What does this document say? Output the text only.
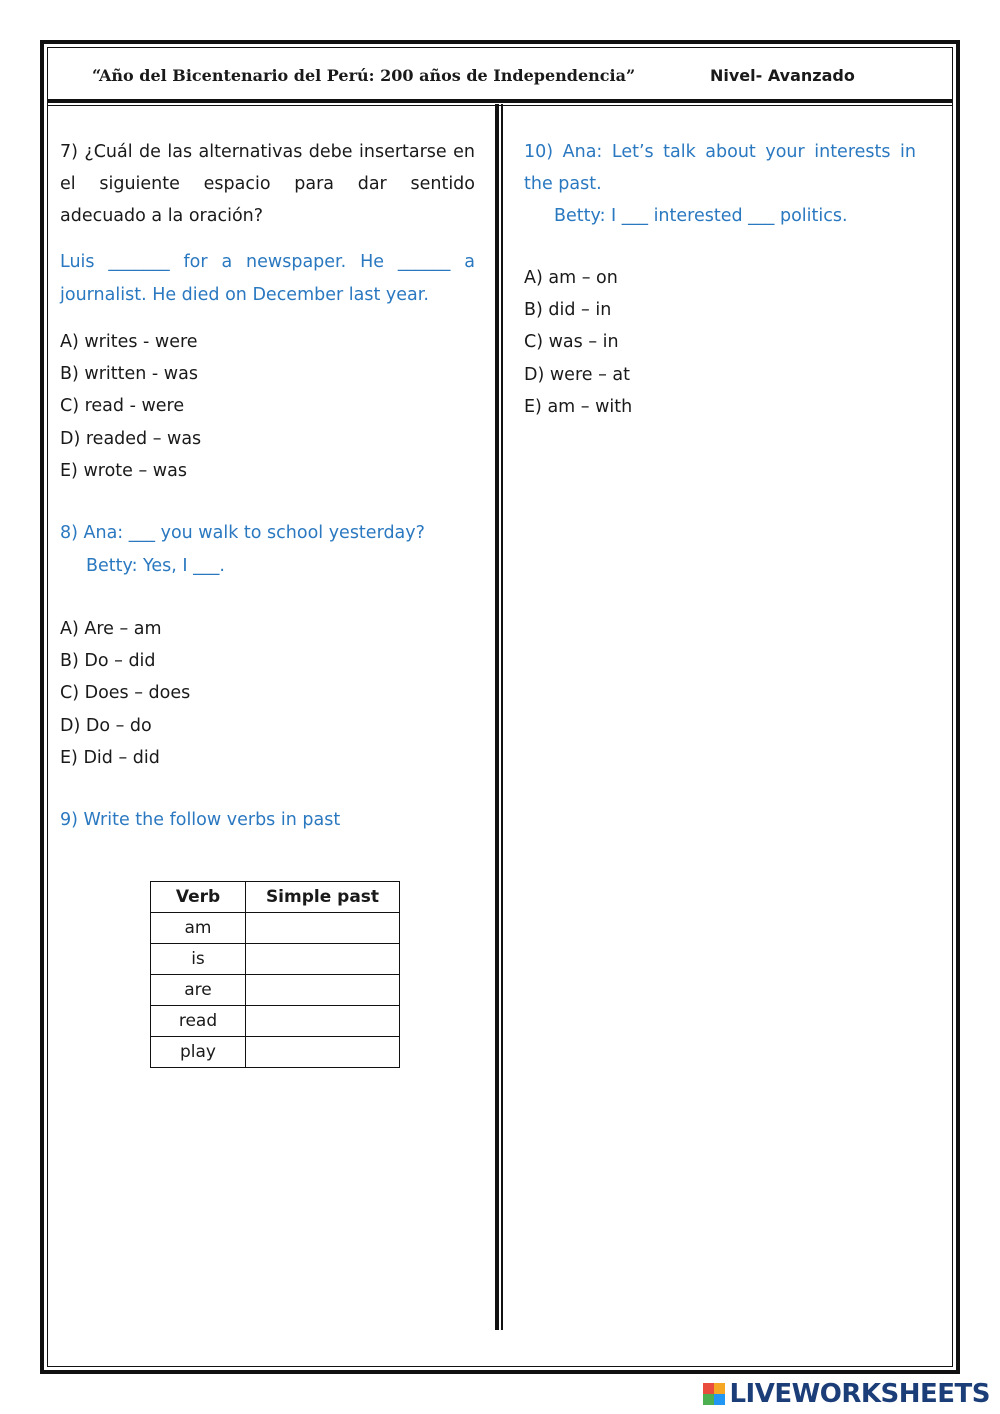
“Año del Bicentenario del Perú: 200 años de Independencia”	Nivel- Avanzado

7) ¿Cuál de las alternativas debe insertarse en el siguiente espacio para dar sentido adecuado a la oración?

Luis _______ for a newspaper. He ______ a journalist. He died on December last year.

A) writes - were

B) written - was

C) read - were

D) readed – was

E) wrote – was

8) Ana: ___ you walk to school yesterday?

Betty: Yes, I ___.

A) Are – am

B) Do – did

C) Does – does

D) Do – do

E) Did – did

9) Write the follow verbs in past

Verb	Simple past
am	
is	
are	
read	
play	

10) Ana: Let’s talk about your interests in the past.

Betty: I ___ interested ___ politics.

A) am – on

B) did – in

C) was – in

D) were – at

E) am – with

LIVEWORKSHEETS
